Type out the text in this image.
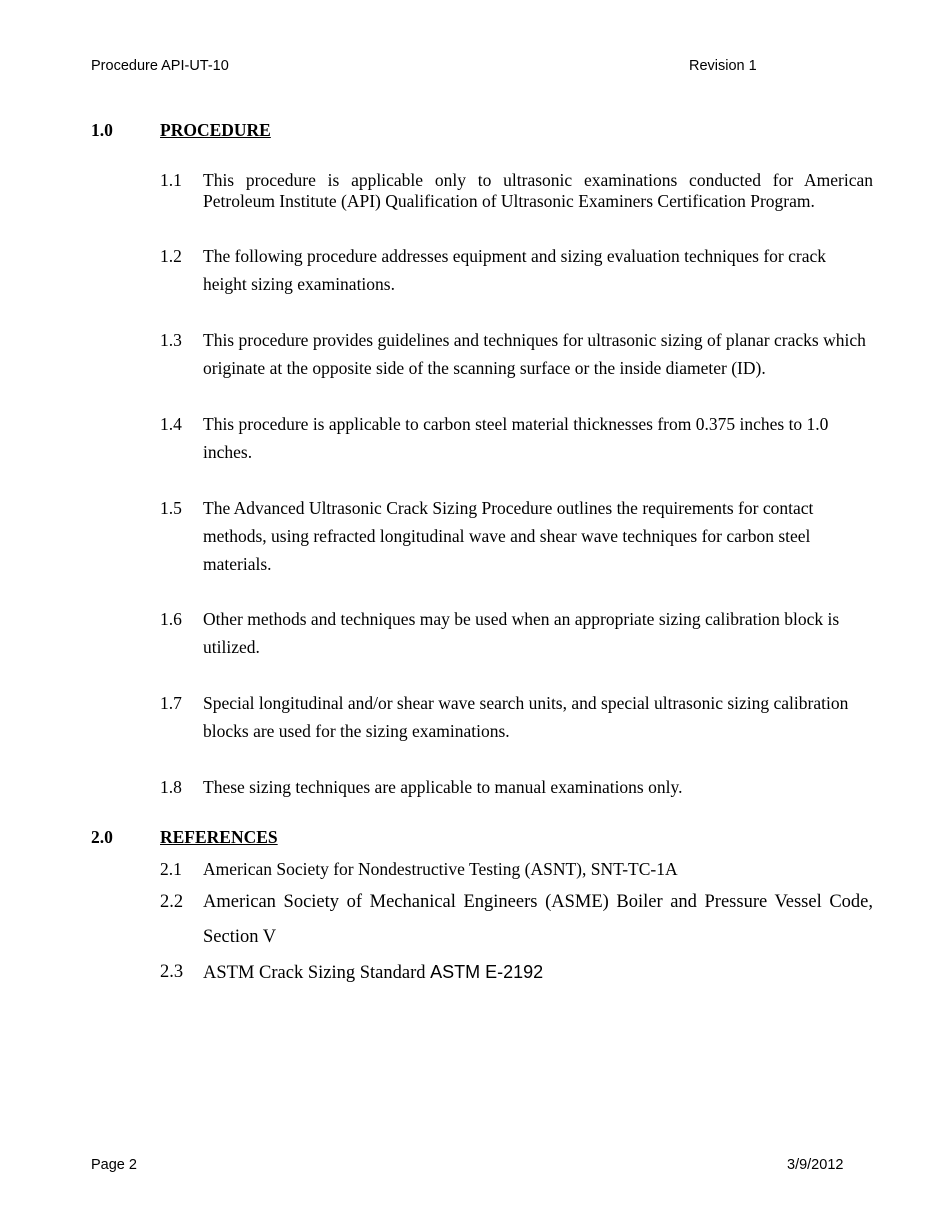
Procedure API-UT-10	Revision 1
1.0	PROCEDURE
1.1 This procedure is applicable only to ultrasonic examinations conducted for American Petroleum Institute (API) Qualification of Ultrasonic Examiners Certification Program.
1.2 The following procedure addresses equipment and sizing evaluation techniques for crack height sizing examinations.
1.3 This procedure provides guidelines and techniques for ultrasonic sizing of planar cracks which originate at the opposite side of the scanning surface or the inside diameter (ID).
1.4 This procedure is applicable to carbon steel material thicknesses from 0.375 inches to 1.0 inches.
1.5 The Advanced Ultrasonic Crack Sizing Procedure outlines the requirements for contact methods, using refracted longitudinal wave and shear wave techniques for carbon steel materials.
1.6 Other methods and techniques may be used when an appropriate sizing calibration block is utilized.
1.7 Special longitudinal and/or shear wave search units, and special ultrasonic sizing calibration blocks are used for the sizing examinations.
1.8 These sizing techniques are applicable to manual examinations only.
2.0	REFERENCES
2.1 American Society for Nondestructive Testing (ASNT), SNT-TC-1A
2.2 American Society of Mechanical Engineers (ASME) Boiler and Pressure Vessel Code, Section V
2.3 ASTM Crack Sizing Standard ASTM E-2192
Page 2	3/9/2012
